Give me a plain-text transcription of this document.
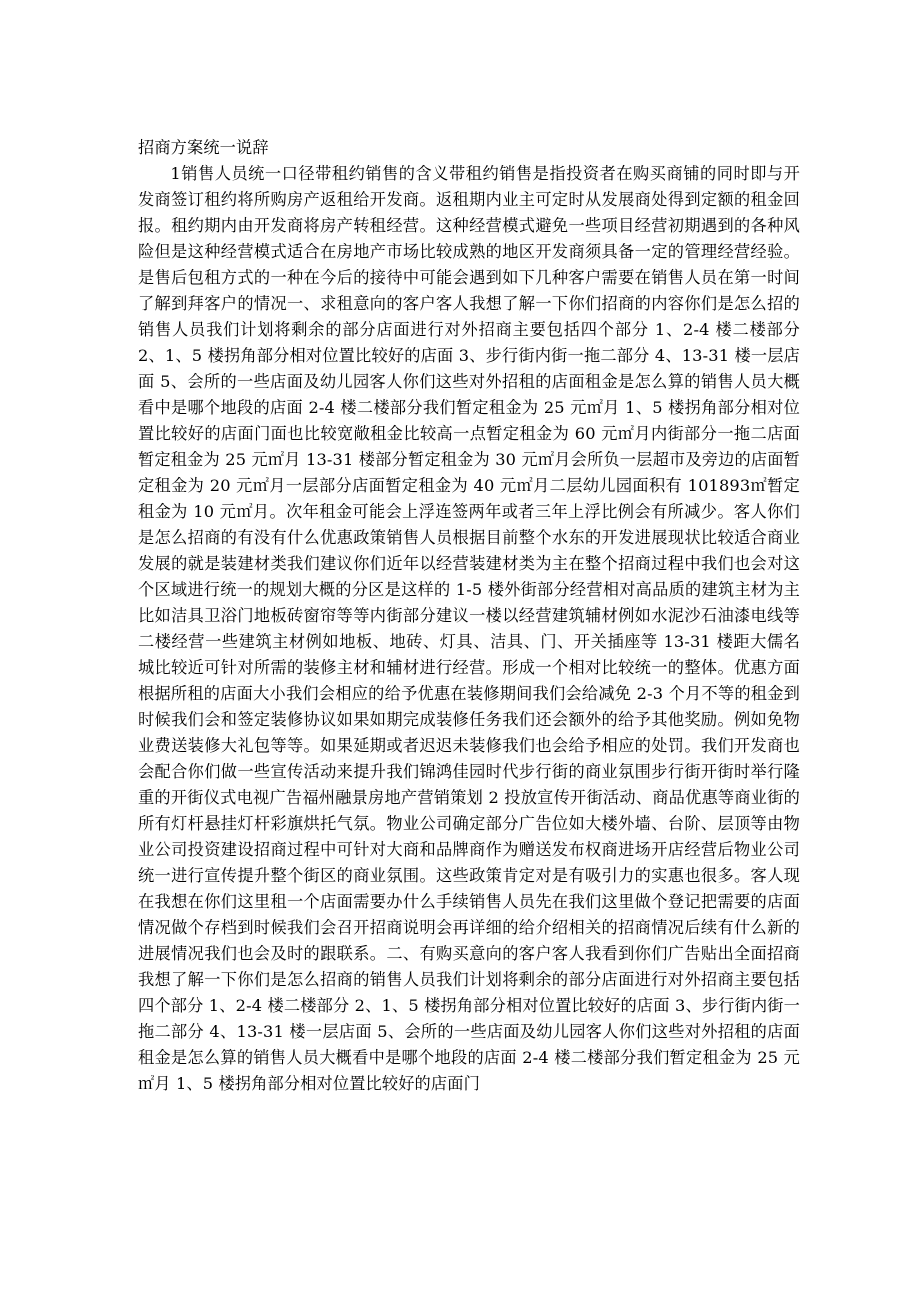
招商方案统一说辞

1销售人员统一口径带租约销售的含义带租约销售是指投资者在购买商铺的同时即与开发商签订租约将所购房产返租给开发商。返租期内业主可定时从发展商处得到定额的租金回报。租约期内由开发商将房产转租经营。这种经营模式避免一些项目经营初期遇到的各种风险但是这种经营模式适合在房地产市场比较成熟的地区开发商须具备一定的管理经营经验。是售后包租方式的一种在今后的接待中可能会遇到如下几种客户需要在销售人员在第一时间了解到拜客户的情况一、求租意向的客户客人我想了解一下你们招商的内容你们是怎么招的销售人员我们计划将剩余的部分店面进行对外招商主要包括四个部分 1、2-4 楼二楼部分 2、1、5 楼拐角部分相对位置比较好的店面 3、步行街内街一拖二部分 4、13-31 楼一层店面 5、会所的一些店面及幼儿园客人你们这些对外招租的店面租金是怎么算的销售人员大概看中是哪个地段的店面 2-4 楼二楼部分我们暂定租金为 25 元㎡月 1、5 楼拐角部分相对位置比较好的店面门面也比较宽敞租金比较高一点暂定租金为 60 元㎡月内街部分一拖二店面暂定租金为 25 元㎡月 13-31 楼部分暂定租金为 30 元㎡月会所负一层超市及旁边的店面暂定租金为 20 元㎡月一层部分店面暂定租金为 40 元㎡月二层幼儿园面积有 101893㎡暂定租金为 10 元㎡月。次年租金可能会上浮连签两年或者三年上浮比例会有所减少。客人你们是怎么招商的有没有什么优惠政策销售人员根据目前整个水东的开发进展现状比较适合商业发展的就是装建材类我们建议你们近年以经营装建材类为主在整个招商过程中我们也会对这个区域进行统一的规划大概的分区是这样的 1-5 楼外街部分经营相对高品质的建筑主材为主比如洁具卫浴门地板砖窗帘等等内街部分建议一楼以经营建筑辅材例如水泥沙石油漆电线等二楼经营一些建筑主材例如地板、地砖、灯具、洁具、门、开关插座等 13-31 楼距大儒名城比较近可针对所需的装修主材和辅材进行经营。形成一个相对比较统一的整体。优惠方面根据所租的店面大小我们会相应的给予优惠在装修期间我们会给减免 2-3 个月不等的租金到时候我们会和签定装修协议如果如期完成装修任务我们还会额外的给予其他奖励。例如免物业费送装修大礼包等等。如果延期或者迟迟未装修我们也会给予相应的处罚。我们开发商也会配合你们做一些宣传活动来提升我们锦鸿佳园时代步行街的商业氛围步行街开街时举行隆重的开街仪式电视广告福州融景房地产营销策划 2 投放宣传开街活动、商品优惠等商业街的所有灯杆悬挂灯杆彩旗烘托气氛。物业公司确定部分广告位如大楼外墙、台阶、层顶等由物业公司投资建设招商过程中可针对大商和品牌商作为赠送发布权商进场开店经营后物业公司统一进行宣传提升整个街区的商业氛围。这些政策肯定对是有吸引力的实惠也很多。客人现在我想在你们这里租一个店面需要办什么手续销售人员先在我们这里做个登记把需要的店面情况做个存档到时候我们会召开招商说明会再详细的给介绍相关的招商情况后续有什么新的进展情况我们也会及时的跟联系。二、有购买意向的客户客人我看到你们广告贴出全面招商我想了解一下你们是怎么招商的销售人员我们计划将剩余的部分店面进行对外招商主要包括四个部分 1、2-4 楼二楼部分 2、1、5 楼拐角部分相对位置比较好的店面 3、步行街内街一拖二部分 4、13-31 楼一层店面 5、会所的一些店面及幼儿园客人你们这些对外招租的店面租金是怎么算的销售人员大概看中是哪个地段的店面 2-4 楼二楼部分我们暂定租金为 25 元㎡月 1、5 楼拐角部分相对位置比较好的店面门
